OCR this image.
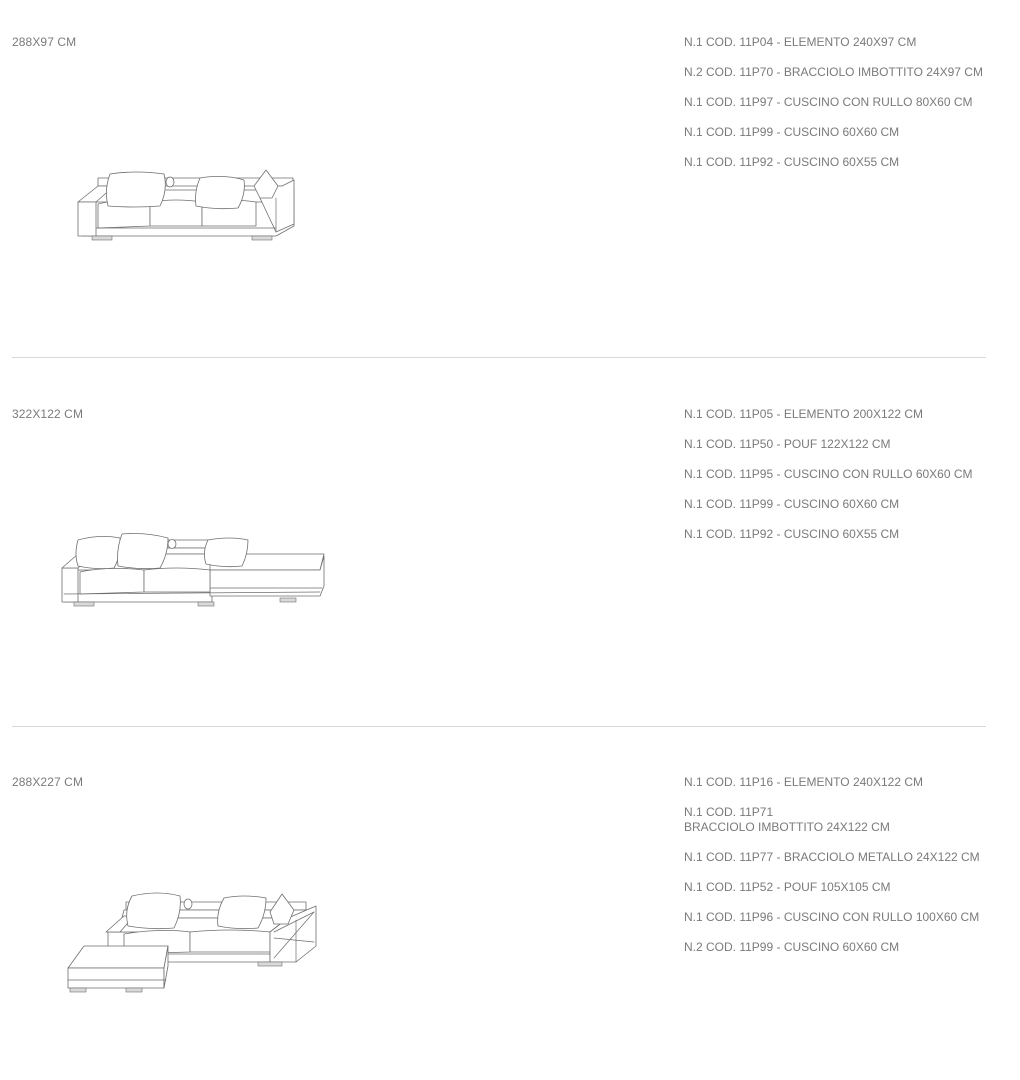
288X97 CM	N.1 COD. 11P04 - ELEMENTO 240X97 CM
N.2 COD. 11P70 - BRACCIOLO IMBOTTITO 24X97 CM
N.1 COD. 11P97 - CUSCINO CON RULLO 80X60 CM
N.1 COD. 11P99 - CUSCINO 60X60 CM
N.1 COD. 11P92 - CUSCINO 60X55 CM
322X122 CM	N.1 COD. 11P05 - ELEMENTO 200X122 CM
N.1 COD. 11P50 - POUF 122X122 CM
N.1 COD. 11P95 - CUSCINO CON RULLO 60X60 CM
N.1 COD. 11P99 - CUSCINO 60X60 CM
N.1 COD. 11P92 - CUSCINO 60X55 CM
288X227 CM	N.1 COD. 11P16 - ELEMENTO 240X122 CM
N.1 COD. 11P71
BRACCIOLO IMBOTTITO 24X122 CM
N.1 COD. 11P77 - BRACCIOLO METALLO 24X122 CM
N.1 COD. 11P52 - POUF 105X105 CM
N.1 COD. 11P96 - CUSCINO CON RULLO 100X60 CM
N.2 COD. 11P99 - CUSCINO 60X60 CM
